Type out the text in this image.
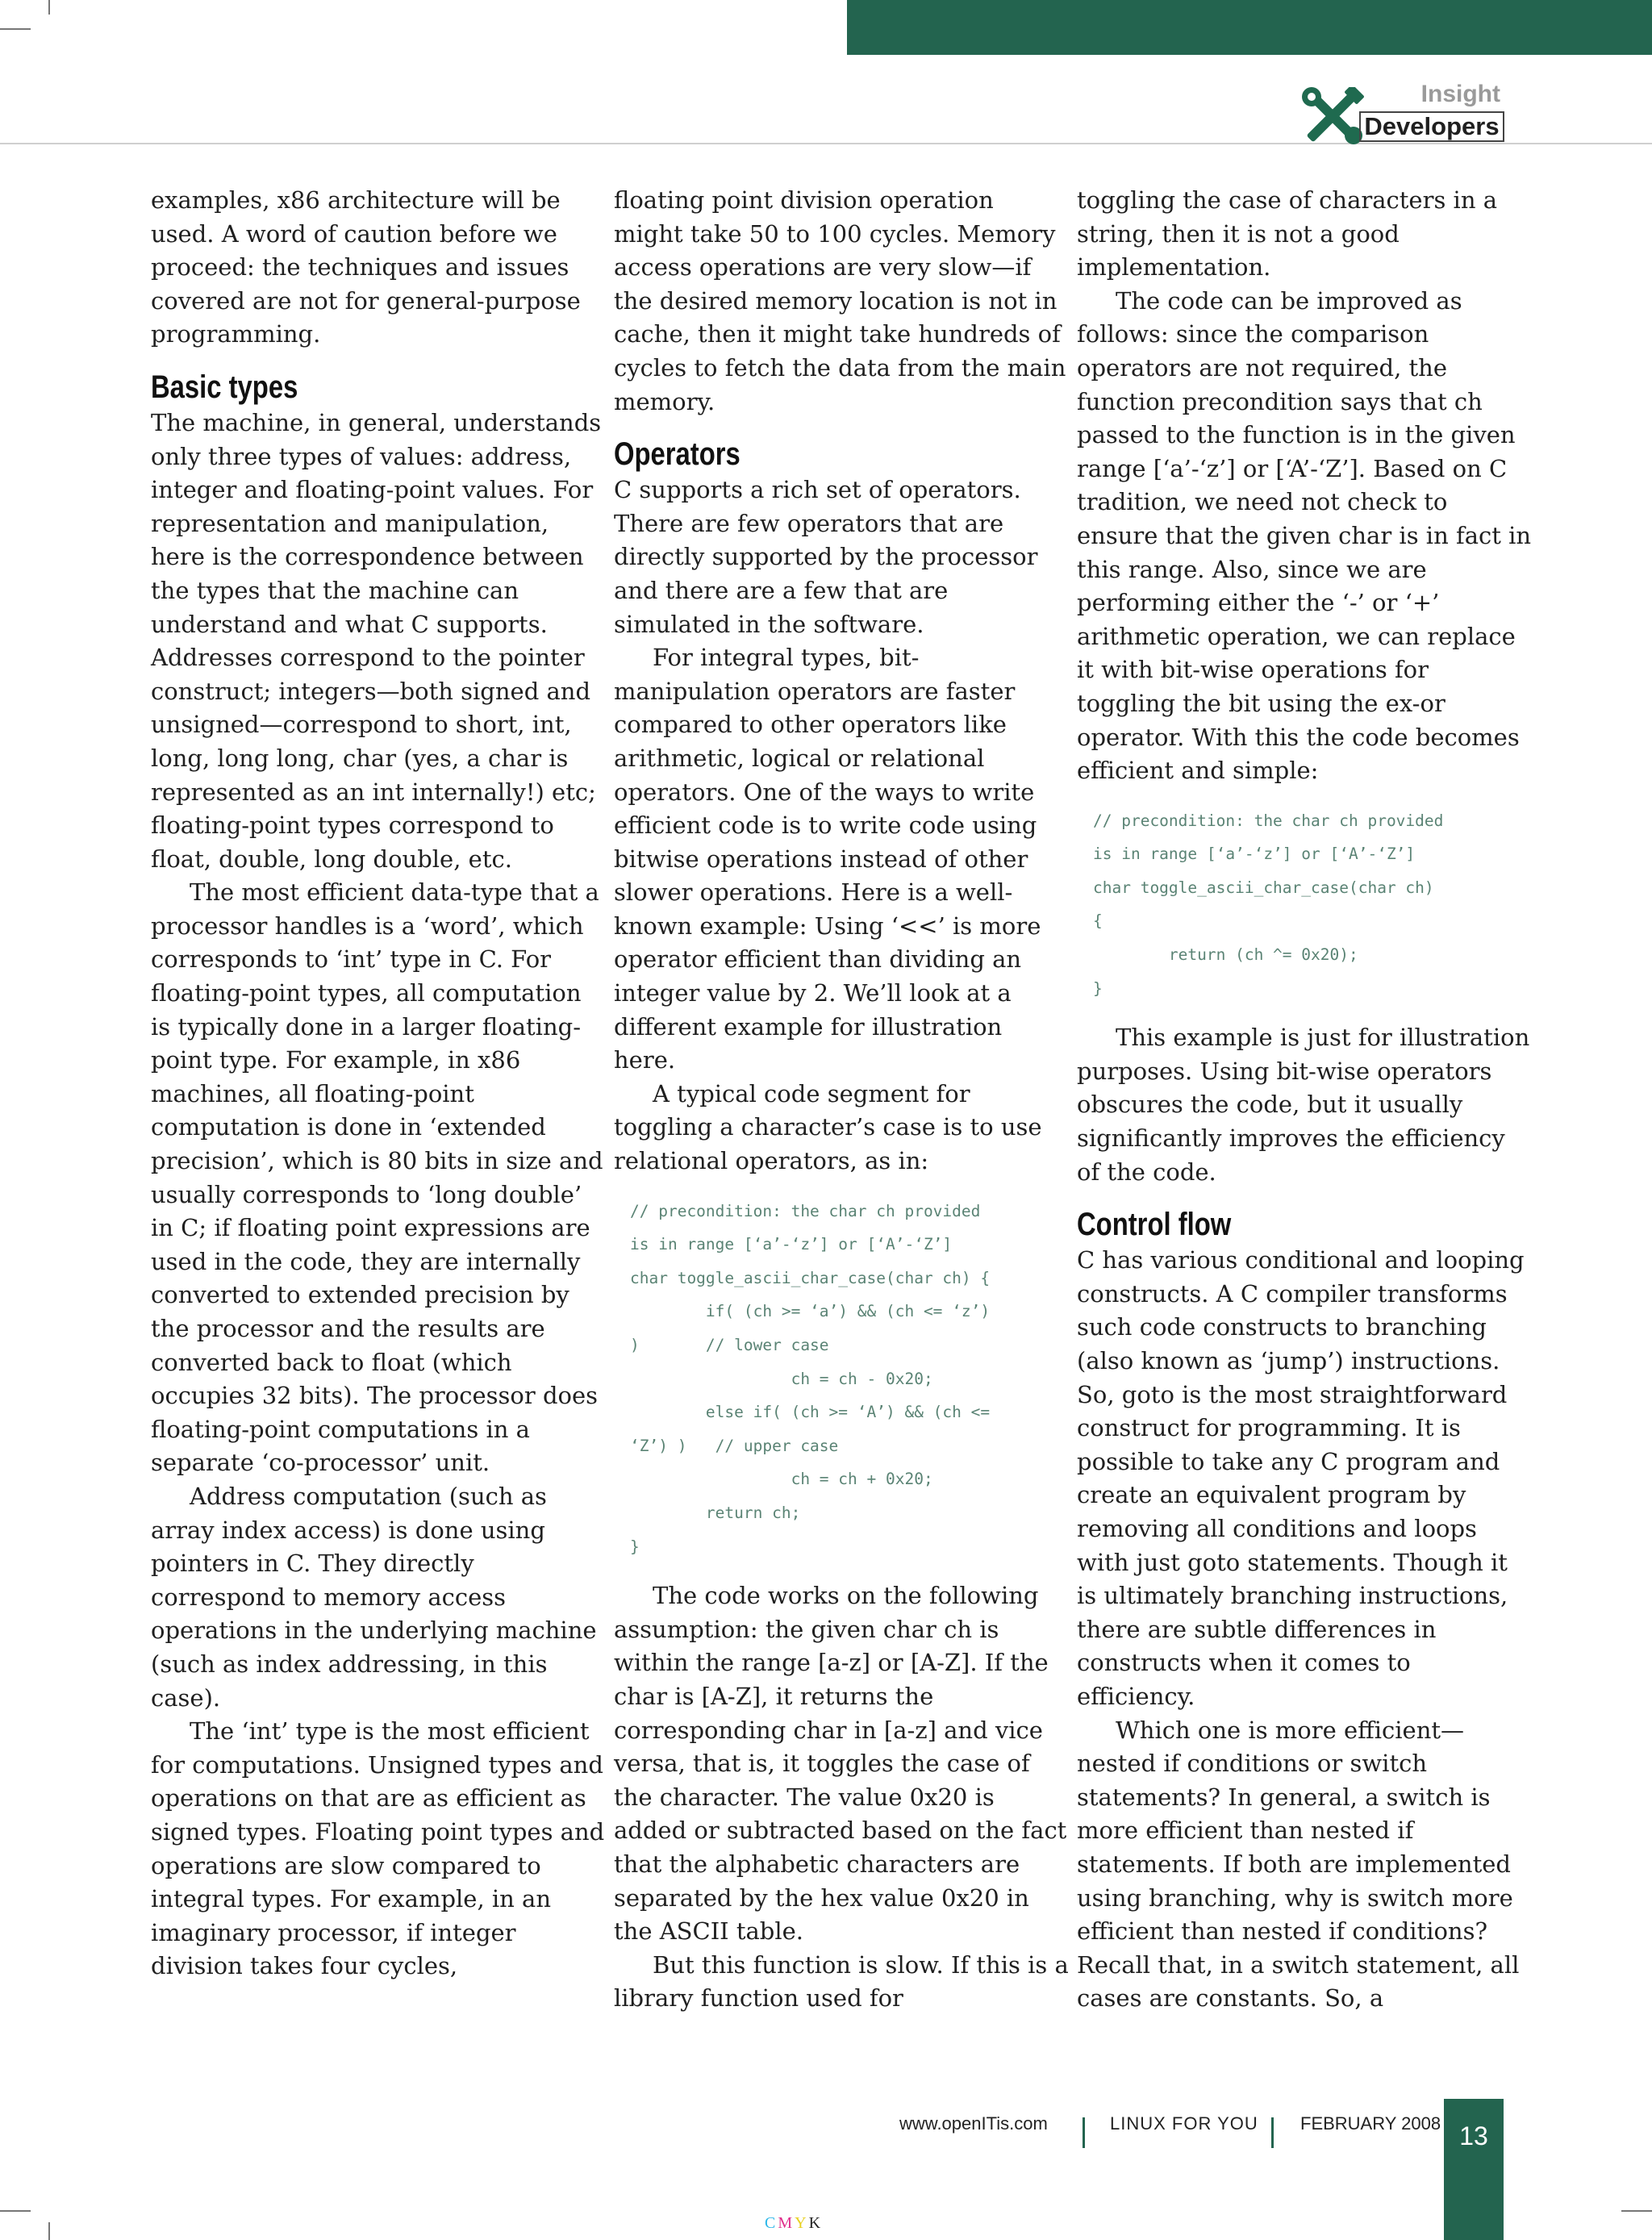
Insight
Developers

examples, x86 architecture will be used. A word of caution before we proceed: the techniques and issues covered are not for general-purpose programming.

Basic types

The machine, in general, understands only three types of values: address, integer and floating-point values. For representation and manipulation, here is the correspondence between the types that the machine can understand and what C supports. Addresses correspond to the pointer construct; integers—both signed and unsigned—correspond to short, int, long, long long, char (yes, a char is represented as an int internally!) etc; floating-point types correspond to float, double, long double, etc.

The most efficient data-type that a processor handles is a ‘word’, which corresponds to ‘int’ type in C. For floating-point types, all computation is typically done in a larger floating-point type. For example, in x86 machines, all floating-point computation is done in ‘extended precision’, which is 80 bits in size and usually corresponds to ‘long double’ in C; if floating point expressions are used in the code, they are internally converted to extended precision by the processor and the results are converted back to float (which occupies 32 bits). The processor does floating-point computations in a separate ‘co-processor’ unit.

Address computation (such as array index access) is done using pointers in C. They directly correspond to memory access operations in the underlying machine (such as index addressing, in this case).

The ‘int’ type is the most efficient for computations. Unsigned types and operations on that are as efficient as signed types. Floating point types and operations are slow compared to integral types. For example, in an imaginary processor, if integer division takes four cycles,

floating point division operation might take 50 to 100 cycles. Memory access operations are very slow—if the desired memory location is not in cache, then it might take hundreds of cycles to fetch the data from the main memory.

Operators

C supports a rich set of operators. There are few operators that are directly supported by the processor and there are a few that are simulated in the software.

For integral types, bit-manipulation operators are faster compared to other operators like arithmetic, logical or relational operators. One of the ways to write efficient code is to write code using bitwise operations instead of other slower operations. Here is a well-known example: Using ‘<<’ is more operator efficient than dividing an integer value by 2. We’ll look at a different example for illustration here.

A typical code segment for toggling a character’s case is to use relational operators, as in:

// precondition: the char ch provided
is in range [‘a’-‘z’] or [‘A’-‘Z’]
char toggle_ascii_char_case(char ch) {
if( (ch >= ‘a’) && (ch <= ‘z’)
)       // lower case
ch = ch - 0x20;
else if( (ch >= ‘A’) && (ch <=
‘Z’) )   // upper case
ch = ch + 0x20;
return ch;
}

The code works on the following assumption: the given char ch is within the range [a-z] or [A-Z]. If the char is [A-Z], it returns the corresponding char in [a-z] and vice versa, that is, it toggles the case of the character. The value 0x20 is added or subtracted based on the fact that the alphabetic characters are separated by the hex value 0x20 in the ASCII table.

But this function is slow. If this is a library function used for

toggling the case of characters in a string, then it is not a good implementation.

The code can be improved as follows: since the comparison operators are not required, the function precondition says that ch passed to the function is in the given range [‘a’-‘z’] or [‘A’-‘Z’]. Based on C tradition, we need not check to ensure that the given char is in fact in this range. Also, since we are performing either the ‘-’ or ‘+’ arithmetic operation, we can replace it with bit-wise operations for toggling the bit using the ex-or operator. With this the code becomes efficient and simple:

// precondition: the char ch provided
is in range [‘a’-‘z’] or [‘A’-‘Z’]
char toggle_ascii_char_case(char ch)
{
return (ch ^= 0x20);
}

This example is just for illustration purposes. Using bit-wise operators obscures the code, but it usually significantly improves the efficiency of the code.

Control flow

C has various conditional and looping constructs. A C compiler transforms such code constructs to branching (also known as ‘jump’) instructions. So, goto is the most straightforward construct for programming. It is possible to take any C program and create an equivalent program by removing all conditions and loops with just goto statements. Though it is ultimately branching instructions, there are subtle differences in constructs when it comes to efficiency.

Which one is more efficient—nested if conditions or switch statements? In general, a switch is more efficient than nested if statements. If both are implemented using branching, why is switch more efficient than nested if conditions? Recall that, in a switch statement, all cases are constants. So, a

www.openITis.com	LINUX FOR YOU FEBRUARY 2008 13
CMYK
